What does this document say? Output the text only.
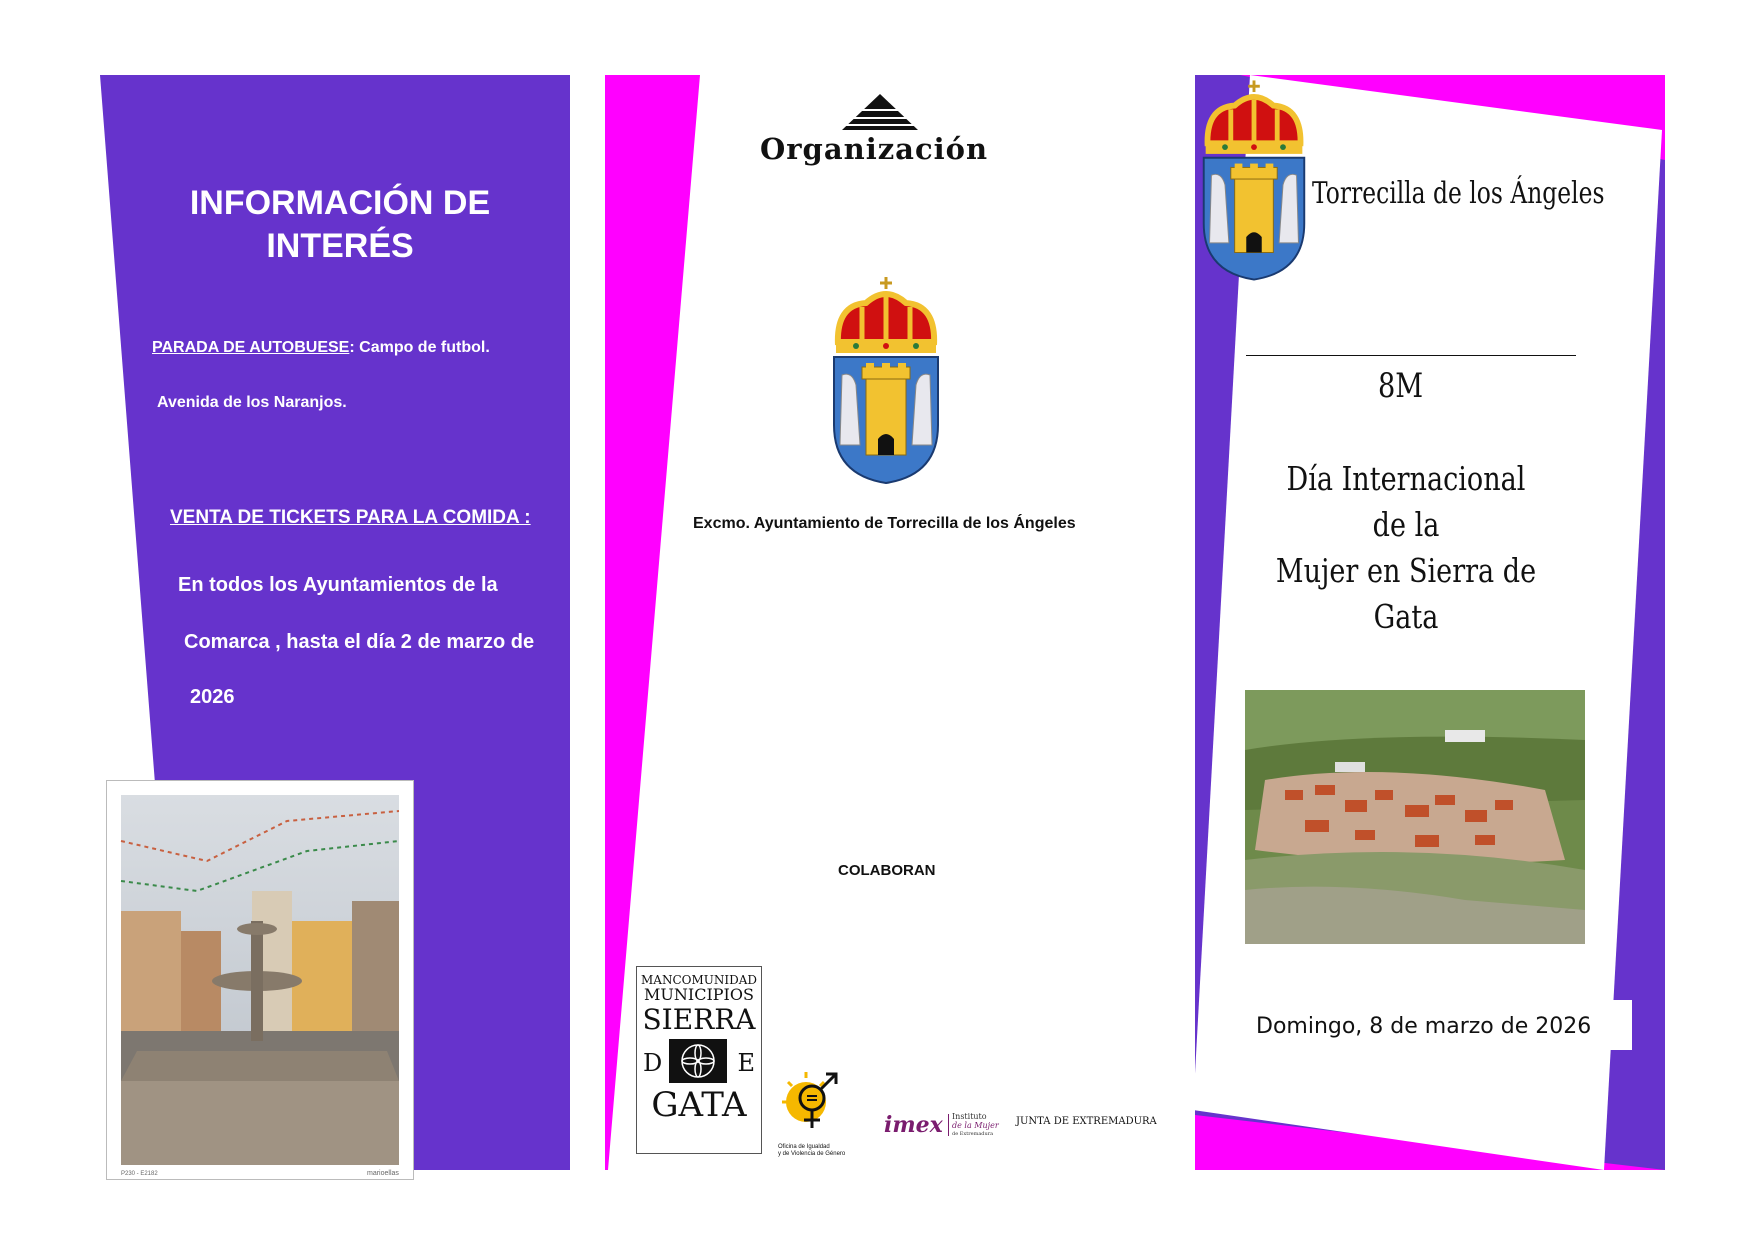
INFORMACIÓN DE
INTERÉS
PARADA DE AUTOBUESE: Campo de futbol.
Avenida de los Naranjos.
VENTA DE TICKETS PARA LA COMIDA :
En todos los Ayuntamientos de la
Comarca , hasta el día 2 de marzo de
2026
P230 - E2182	marioellas
Organización
Excmo. Ayuntamiento de Torrecilla de los Ángeles
COLABORAN
MANCOMUNIDAD
MUNICIPIOS
SIERRA
D	E
GATA
Oficina de Igualdad
y de Violencia de Género
imex Instituto
de la Mujer
de Extremadura
JUNTA DE EXTREMADURA
Torrecilla de los Ángeles
8M
Día Internacional de la
Mujer en Sierra de
Gata
Domingo, 8 de marzo de 2026
